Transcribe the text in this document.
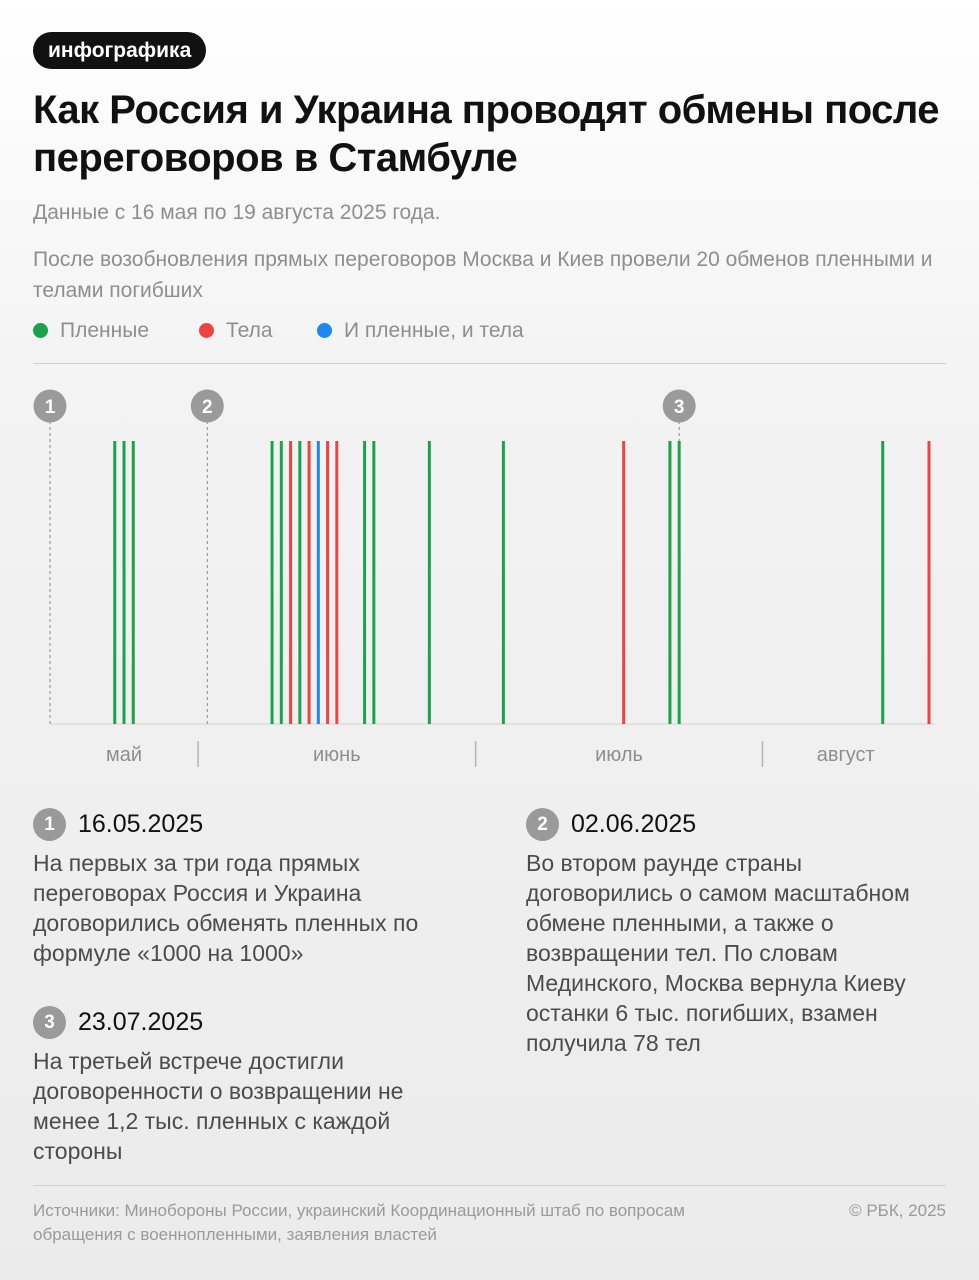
инфографика
Как Россия и Украина проводят обмены после переговоров в Стамбуле
Данные с 16 мая по 19 августа 2025 года.
После возобновления прямых переговоров Москва и Киев провели 20 обменов пленными и телами погибших
Пленные	Тела	И пленные, и тела
1	2	3
май	июнь	июль	август
1 16.05.2025
На первых за три года прямых переговорах Россия и Украина договорились обменять пленных по формуле «1000 на 1000»
2 02.06.2025
Во втором раунде страны договорились о самом масштабном обмене пленными, а также о возвращении тел. По словам Мединского, Москва вернула Киеву останки 6 тыс. погибших, взамен получила 78 тел
3 23.07.2025
На третьей встрече достигли договоренности о возвращении не менее 1,2 тыс. пленных с каждой стороны
Источники: Минобороны России, украинский Координационный штаб по вопросам обращения с военнопленными, заявления властей
© РБК, 2025
